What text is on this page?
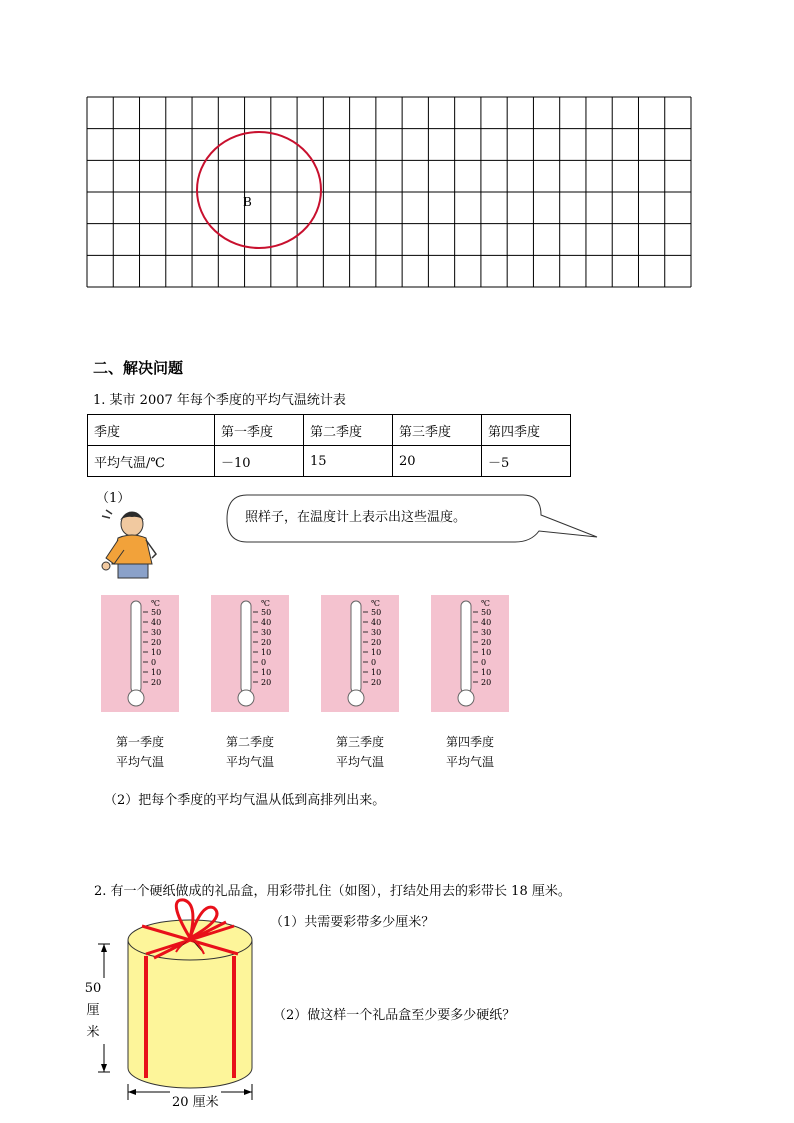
B
二、解决问题
1. 某市 2007 年每个季度的平均气温统计表
季度	第一季度	第二季度	第三季度	第四季度
平均气温/℃	－10	15	20	－5
（1）
照样子，在温度计上表示出这些温度。
℃
50
40
30
20
10
0
10
20
第一季度
平均气温
℃
50
40
30
20
10
0
10
20
第二季度
平均气温
℃
50
40
30
20
10
0
10
20
第三季度
平均气温
℃
50
40
30
20
10
0
10
20
第四季度
平均气温
（2）把每个季度的平均气温从低到高排列出来。
2. 有一个硬纸做成的礼品盒，用彩带扎住（如图），打结处用去的彩带长 18 厘米。
（1）共需要彩带多少厘米？
（2）做这样一个礼品盒至少要多少硬纸？
50
厘
米
20 厘米
